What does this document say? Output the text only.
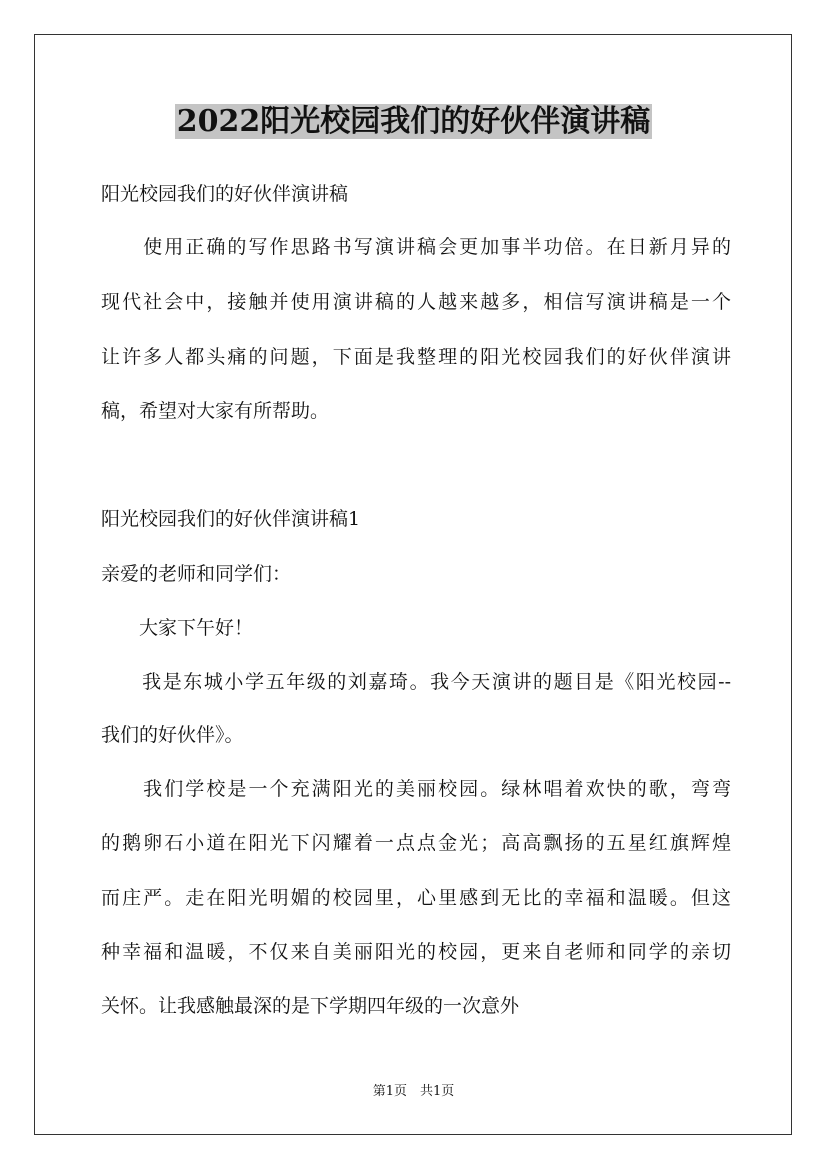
2022阳光校园我们的好伙伴演讲稿
阳光校园我们的好伙伴演讲稿
　　使用正确的写作思路书写演讲稿会更加事半功倍。在日新月异的
现代社会中，接触并使用演讲稿的人越来越多，相信写演讲稿是一个
让许多人都头痛的问题，下面是我整理的阳光校园我们的好伙伴演讲
稿，希望对大家有所帮助。
阳光校园我们的好伙伴演讲稿1
亲爱的老师和同学们：
　　大家下午好！
　　我是东城小学五年级的刘嘉琦。我今天演讲的题目是《阳光校园--
我们的好伙伴》。
　　我们学校是一个充满阳光的美丽校园。绿林唱着欢快的歌，弯弯
的鹅卵石小道在阳光下闪耀着一点点金光；高高飘扬的五星红旗辉煌
而庄严。走在阳光明媚的校园里，心里感到无比的幸福和温暖。但这
种幸福和温暖，不仅来自美丽阳光的校园，更来自老师和同学的亲切
关怀。让我感触最深的是下学期四年级的一次意外
第1页　共1页
